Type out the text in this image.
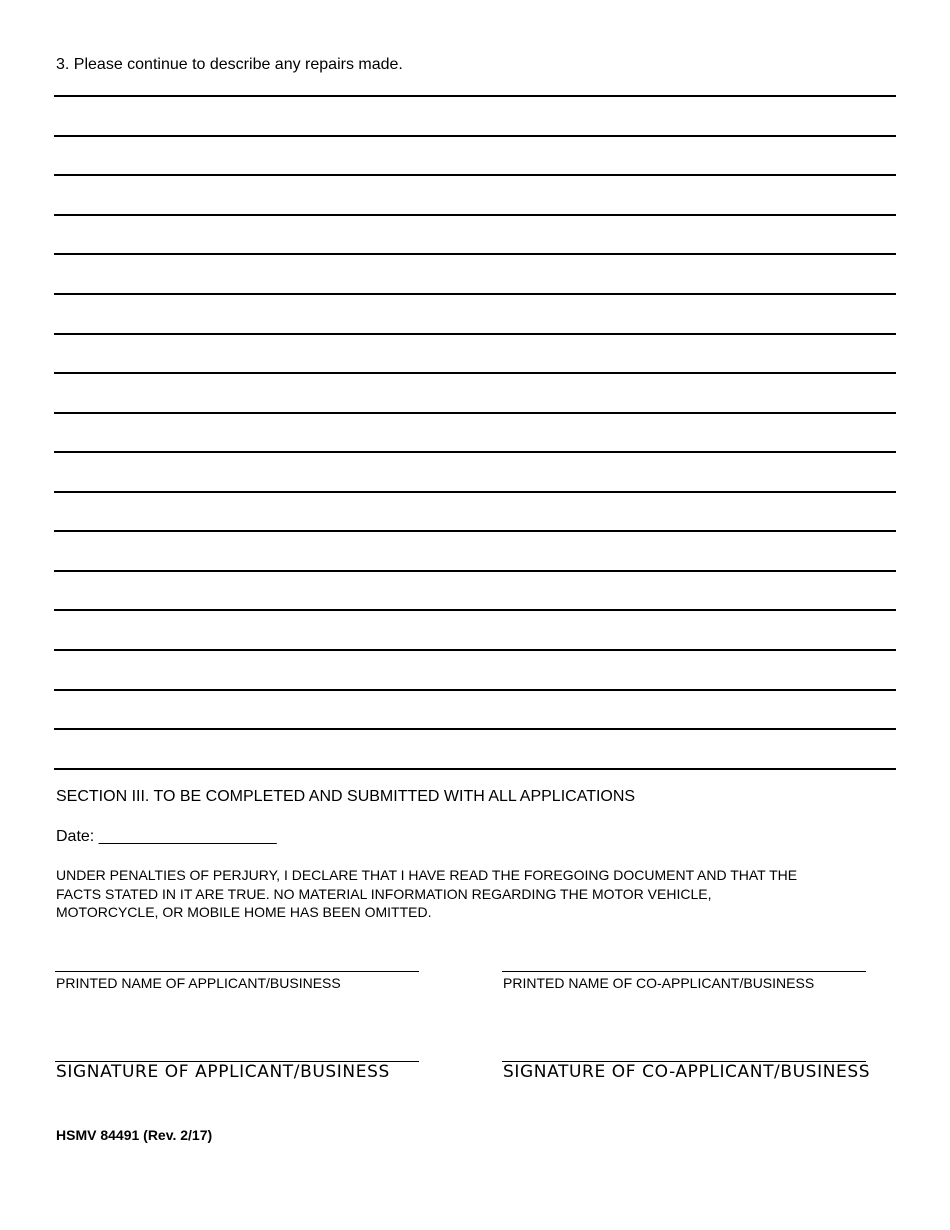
3. Please continue to describe any repairs made.
SECTION III. TO BE COMPLETED AND SUBMITTED WITH ALL APPLICATIONS
Date: ____________________
UNDER PENALTIES OF PERJURY, I DECLARE THAT I HAVE READ THE FOREGOING DOCUMENT AND THAT THE
FACTS STATED IN IT ARE TRUE. NO MATERIAL INFORMATION REGARDING THE MOTOR VEHICLE,
MOTORCYCLE, OR MOBILE HOME HAS BEEN OMITTED.
PRINTED NAME OF APPLICANT/BUSINESS	PRINTED NAME OF CO-APPLICANT/BUSINESS
SIGNATURE OF APPLICANT/BUSINESS	SIGNATURE OF CO-APPLICANT/BUSINESS
HSMV 84491 (Rev. 2/17)
